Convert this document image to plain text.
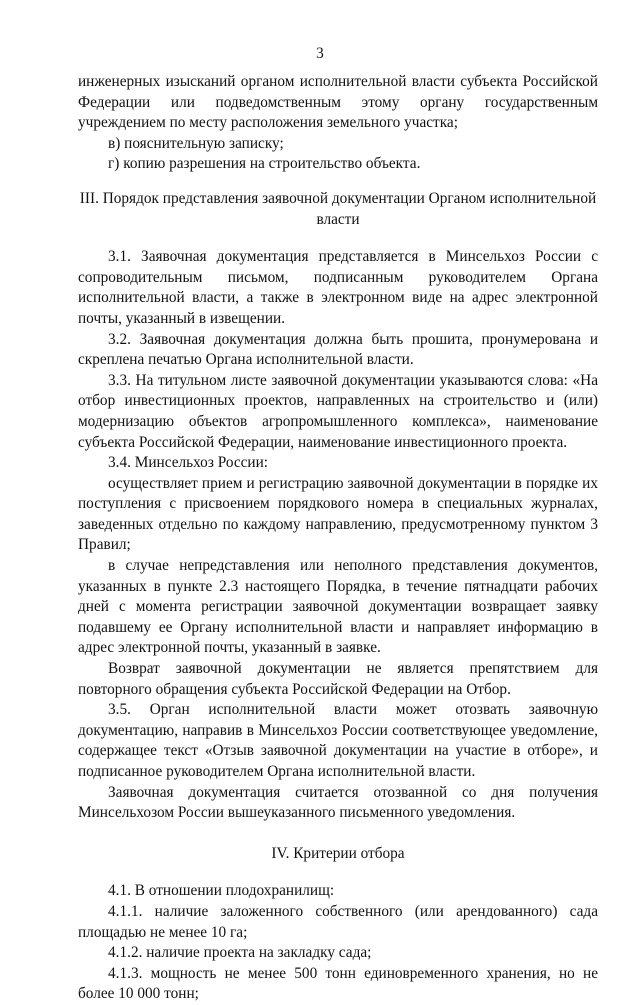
3

инженерных изысканий органом исполнительной власти субъекта Российской Федерации или подведомственным этому органу государственным учреждением по месту расположения земельного участка;

в) пояснительную записку;

г) копию разрешения на строительство объекта.

III. Порядок представления заявочной документации Органом исполнительной власти

3.1. Заявочная документация представляется в Минсельхоз России с сопроводительным письмом, подписанным руководителем Органа исполнительной власти, а также в электронном виде на адрес электронной почты, указанный в извещении.

3.2. Заявочная документация должна быть прошита, пронумерована и скреплена печатью Органа исполнительной власти.

3.3. На титульном листе заявочной документации указываются слова: «На отбор инвестиционных проектов, направленных на строительство и (или) модернизацию объектов агропромышленного комплекса», наименование субъекта Российской Федерации, наименование инвестиционного проекта.

3.4. Минсельхоз России:

осуществляет прием и регистрацию заявочной документации в порядке их поступления с присвоением порядкового номера в специальных журналах, заведенных отдельно по каждому направлению, предусмотренному пунктом 3 Правил;

в случае непредставления или неполного представления документов, указанных в пункте 2.3 настоящего Порядка, в течение пятнадцати рабочих дней с момента регистрации заявочной документации возвращает заявку подавшему ее Органу исполнительной власти и направляет информацию в адрес электронной почты, указанный в заявке.

Возврат заявочной документации не является препятствием для повторного обращения субъекта Российской Федерации на Отбор.

3.5. Орган исполнительной власти может отозвать заявочную документацию, направив в Минсельхоз России соответствующее уведомление, содержащее текст «Отзыв заявочной документации на участие в отборе», и подписанное руководителем Органа исполнительной власти.

Заявочная документация считается отозванной со дня получения Минсельхозом России вышеуказанного письменного уведомления.

IV. Критерии отбора

4.1. В отношении плодохранилищ:

4.1.1. наличие заложенного собственного (или арендованного) сада площадью не менее 10 га;

4.1.2. наличие проекта на закладку сада;

4.1.3. мощность не менее 500 тонн единовременного хранения, но не более 10 000 тонн;
